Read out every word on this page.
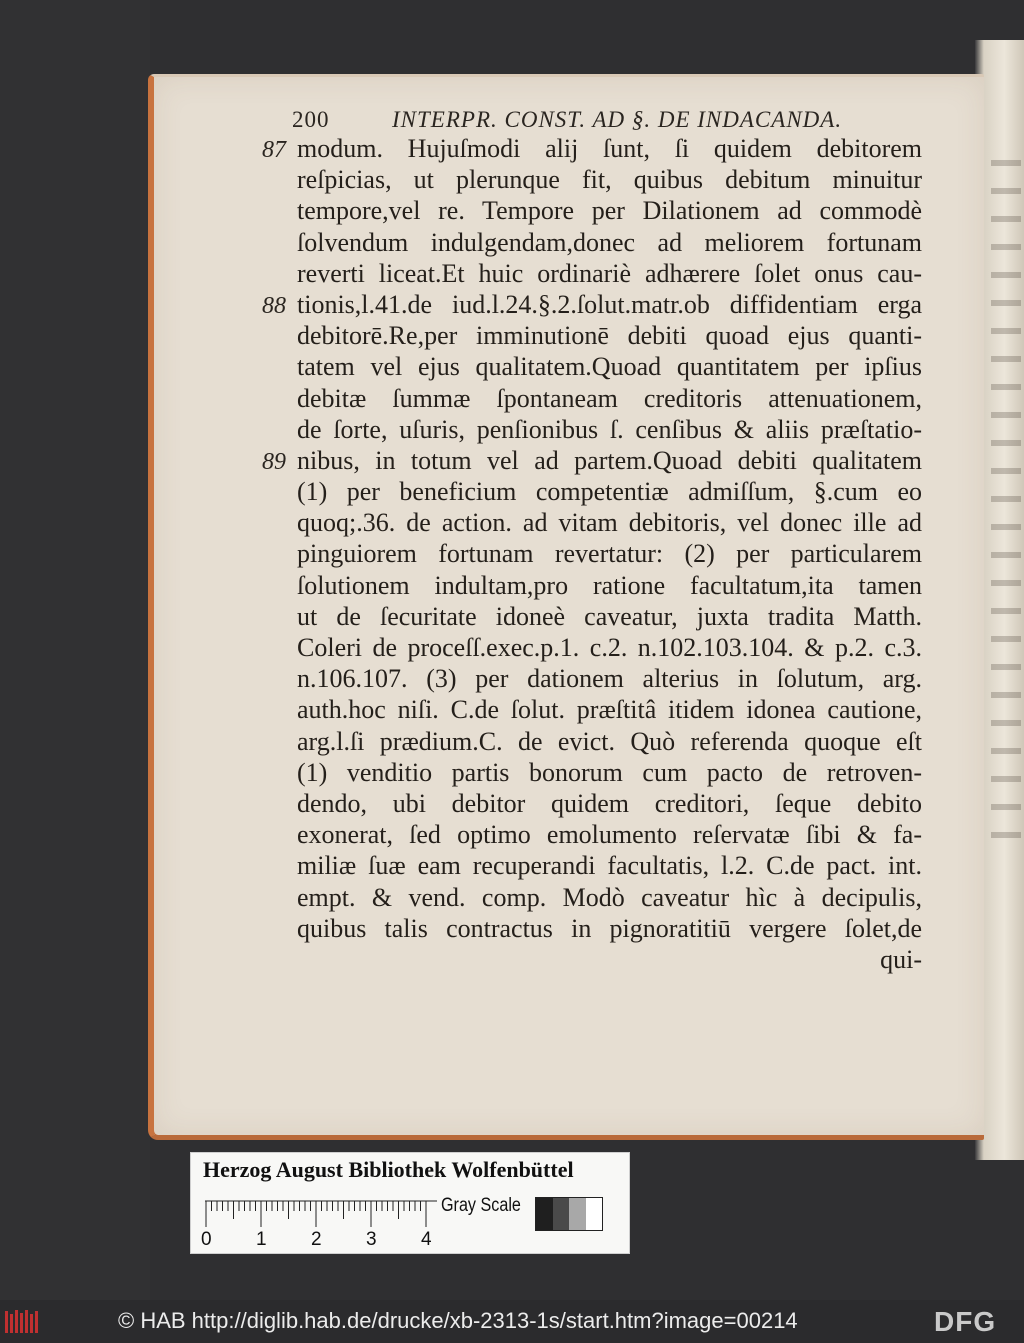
200	INTERPR. CONST. AD §. DE INDACANDA.
87
88
89
modum. Hujuſmodi alij ſunt, ſi quidem debitorem
reſpicias, ut plerunque fit, quibus debitum minuitur
tempore,vel re. Tempore per Dilationem ad commodè
ſolvendum indulgendam,donec ad meliorem fortunam
reverti liceat.Et huic ordinariè adhærere ſolet onus cau-
tionis,l.41.de iud.l.24.§.2.ſolut.matr.ob diffidentiam erga
debitorē.Re,per imminutionē debiti quoad ejus quanti-
tatem vel ejus qualitatem.Quoad quantitatem per ipſius
debitæ ſummæ ſpontaneam creditoris attenuationem,
de ſorte, uſuris, penſionibus ſ. cenſibus & aliis præſtatio-
nibus, in totum vel ad partem.Quoad debiti qualitatem
(1) per beneficium competentiæ admiſſum, §.cum eo
quoq;.36. de action. ad vitam debitoris, vel donec ille ad
pinguiorem fortunam revertatur: (2) per particularem
ſolutionem indultam,pro ratione facultatum,ita tamen
ut de ſecuritate idoneè caveatur, juxta tradita Matth.
Coleri de proceſſ.exec.p.1. c.2. n.102.103.104. & p.2. c.3.
n.106.107. (3) per dationem alterius in ſolutum, arg.
auth.hoc niſi. C.de ſolut. præſtitâ itidem idonea cautione,
arg.l.ſi prædium.C. de evict. Quò referenda quoque eſt
(1) venditio partis bonorum cum pacto de retroven-
dendo, ubi debitor quidem creditori, ſeque debito
exonerat, ſed optimo emolumento reſervatæ ſibi & fa-
miliæ ſuæ eam recuperandi facultatis, l.2. C.de pact. int.
empt. & vend. comp. Modò caveatur hìc à decipulis,
quibus talis contractus in pignoratitiū vergere ſolet,de
qui-
Herzog August Bibliothek Wolfenbüttel
0 1 2 3 4
Gray Scale
© HAB http://diglib.hab.de/drucke/xb-2313-1s/start.htm?image=00214	DFG
